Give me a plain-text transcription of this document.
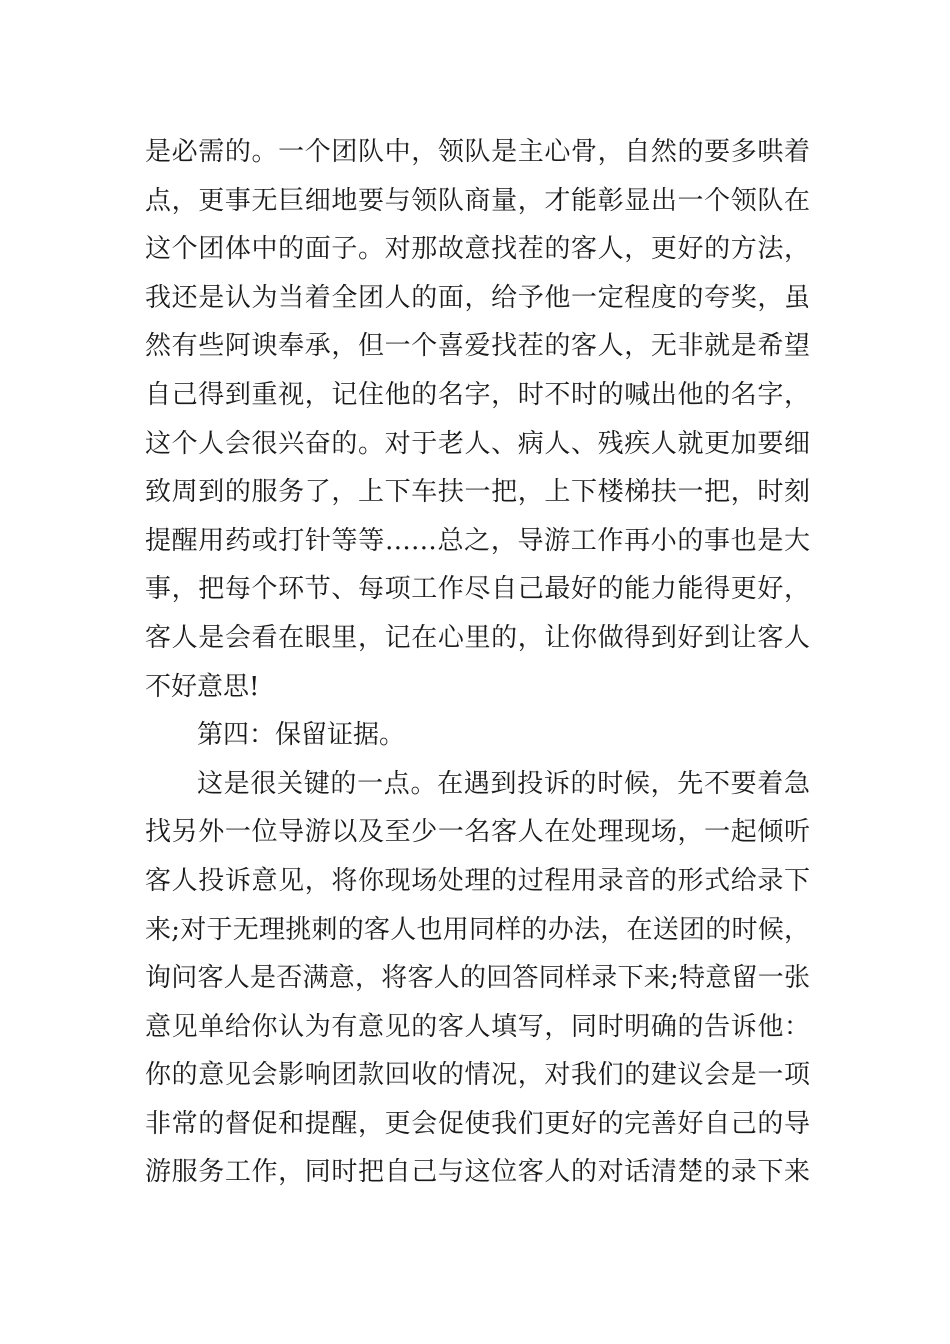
是必需的。一个团队中，领队是主心骨，自然的要多哄着
点，更事无巨细地要与领队商量，才能彰显出一个领队在
这个团体中的面子。对那故意找茬的客人，更好的方法，
我还是认为当着全团人的面，给予他一定程度的夸奖，虽
然有些阿谀奉承，但一个喜爱找茬的客人，无非就是希望
自己得到重视，记住他的名字，时不时的喊出他的名字，
这个人会很兴奋的。对于老人、病人、残疾人就更加要细
致周到的服务了，上下车扶一把，上下楼梯扶一把，时刻
提醒用药或打针等等……总之，导游工作再小的事也是大
事，把每个环节、每项工作尽自己最好的能力能得更好，
客人是会看在眼里，记在心里的，让你做得到好到让客人
不好意思!
第四：保留证据。
这是很关键的一点。在遇到投诉的时候，先不要着急
找另外一位导游以及至少一名客人在处理现场，一起倾听
客人投诉意见，将你现场处理的过程用录音的形式给录下
来;对于无理挑刺的客人也用同样的办法，在送团的时候，
询问客人是否满意，将客人的回答同样录下来;特意留一张
意见单给你认为有意见的客人填写，同时明确的告诉他：
你的意见会影响团款回收的情况，对我们的建议会是一项
非常的督促和提醒，更会促使我们更好的完善好自己的导
游服务工作，同时把自己与这位客人的对话清楚的录下来
